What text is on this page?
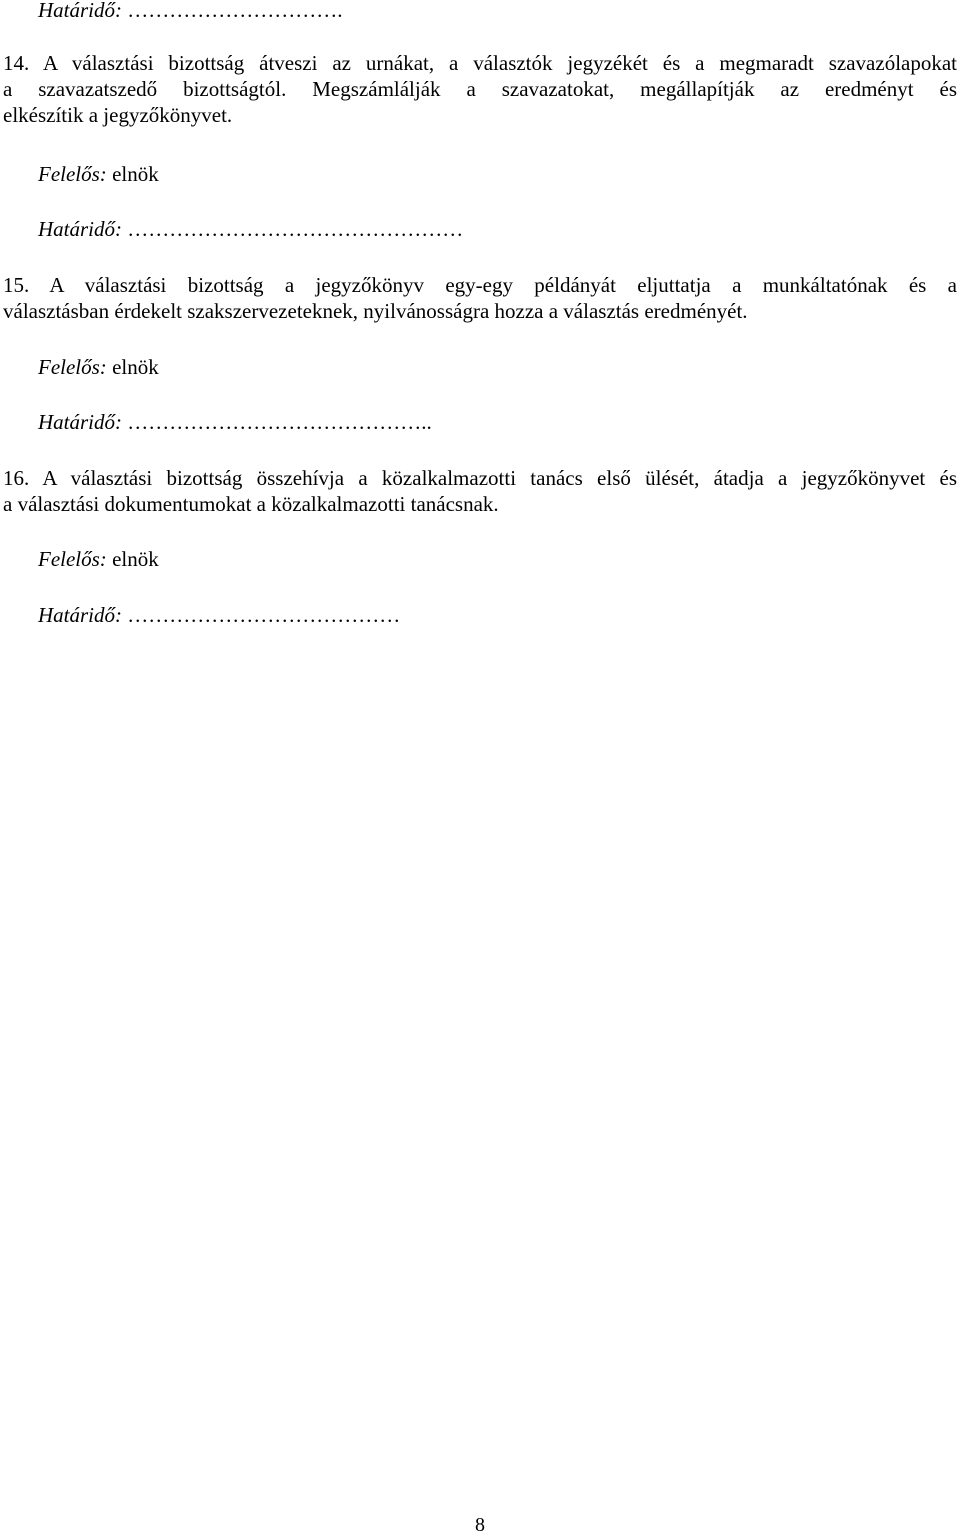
Határidő: ………………………….
14. A választási bizottság átveszi az urnákat, a választók jegyzékét és a megmaradt szavazólapokat
a szavazatszedő bizottságtól. Megszámlálják a szavazatokat, megállapítják az eredményt és
elkészítik a jegyzőkönyvet.
Felelős: elnök
Határidő: …………………………………………
15. A választási bizottság a jegyzőkönyv egy-egy példányát eljuttatja a munkáltatónak és a
választásban érdekelt szakszervezeteknek, nyilvánosságra hozza a választás eredményét.
Felelős: elnök
Határidő: ……………………………………..
16. A választási bizottság összehívja a közalkalmazotti tanács első ülését, átadja a jegyzőkönyvet és
a választási dokumentumokat a közalkalmazotti tanácsnak.
Felelős: elnök
Határidő: …………………………………
8
